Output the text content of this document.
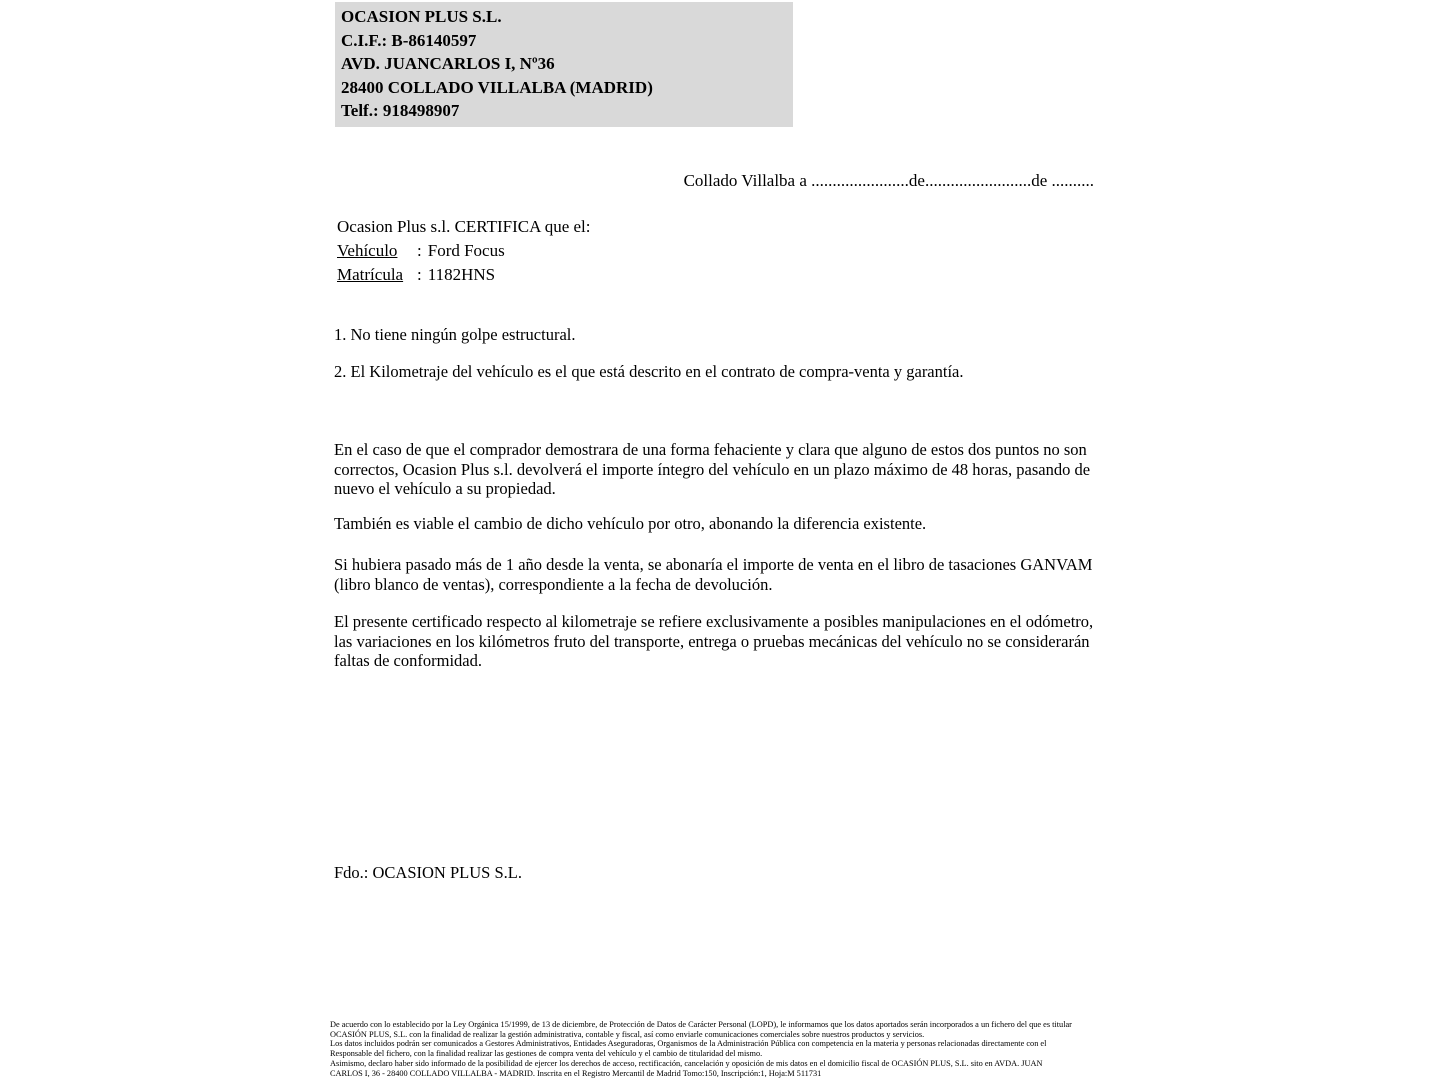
OCASION PLUS S.L.
C.I.F.: B-86140597
AVD. JUANCARLOS I, Nº36
28400 COLLADO VILLALBA (MADRID)
Telf.: 918498907
Collado Villalba a .......................de.........................de ..........
Ocasion Plus s.l. CERTIFICA que el:
Vehículo	: Ford Focus
Matrícula : 1182HNS
1. No tiene ningún golpe estructural.
2. El Kilometraje del vehículo es el que está descrito en el contrato de compra-venta y garantía.
En el caso de que el comprador demostrara de una forma fehaciente y clara que alguno de estos dos puntos no son correctos, Ocasion Plus s.l. devolverá el importe íntegro del vehículo en un plazo máximo de 48 horas, pasando de nuevo el vehículo a su propiedad.
También es viable el cambio de dicho vehículo por otro, abonando la diferencia existente.
Si hubiera pasado más de 1 año desde la venta, se abonaría el importe de venta en el libro de tasaciones GANVAM (libro blanco de ventas), correspondiente a la fecha de devolución.
El presente certificado respecto al kilometraje se refiere exclusivamente a posibles manipulaciones en el odómetro, las variaciones en los kilómetros fruto del transporte, entrega o pruebas mecánicas del vehículo no se considerarán faltas de conformidad.
Fdo.: OCASION PLUS S.L.
De acuerdo con lo establecido por la Ley Orgánica 15/1999, de 13 de diciembre, de Protección de Datos de Carácter Personal (LOPD), le informamos que los datos aportados serán incorporados a un fichero del que es titular
OCASIÓN PLUS, S.L. con la finalidad de realizar la gestión administrativa, contable y fiscal, así como enviarle comunicaciones comerciales sobre nuestros productos y servicios.
Los datos incluidos podrán ser comunicados a Gestores Administrativos, Entidades Aseguradoras, Organismos de la Administración Pública con competencia en la materia y personas relacionadas directamente con el
Responsable del fichero, con la finalidad realizar las gestiones de compra venta del vehículo y el cambio de titularidad del mismo.
Asimismo, declaro haber sido informado de la posibilidad de ejercer los derechos de acceso, rectificación, cancelación y oposición de mis datos en el domicilio fiscal de OCASIÓN PLUS, S.L. sito en AVDA. JUAN
CARLOS I, 36 - 28400 COLLADO VILLALBA - MADRID. Inscrita en el Registro Mercantil de Madrid Tomo:150, Inscripción:1, Hoja:M 511731
